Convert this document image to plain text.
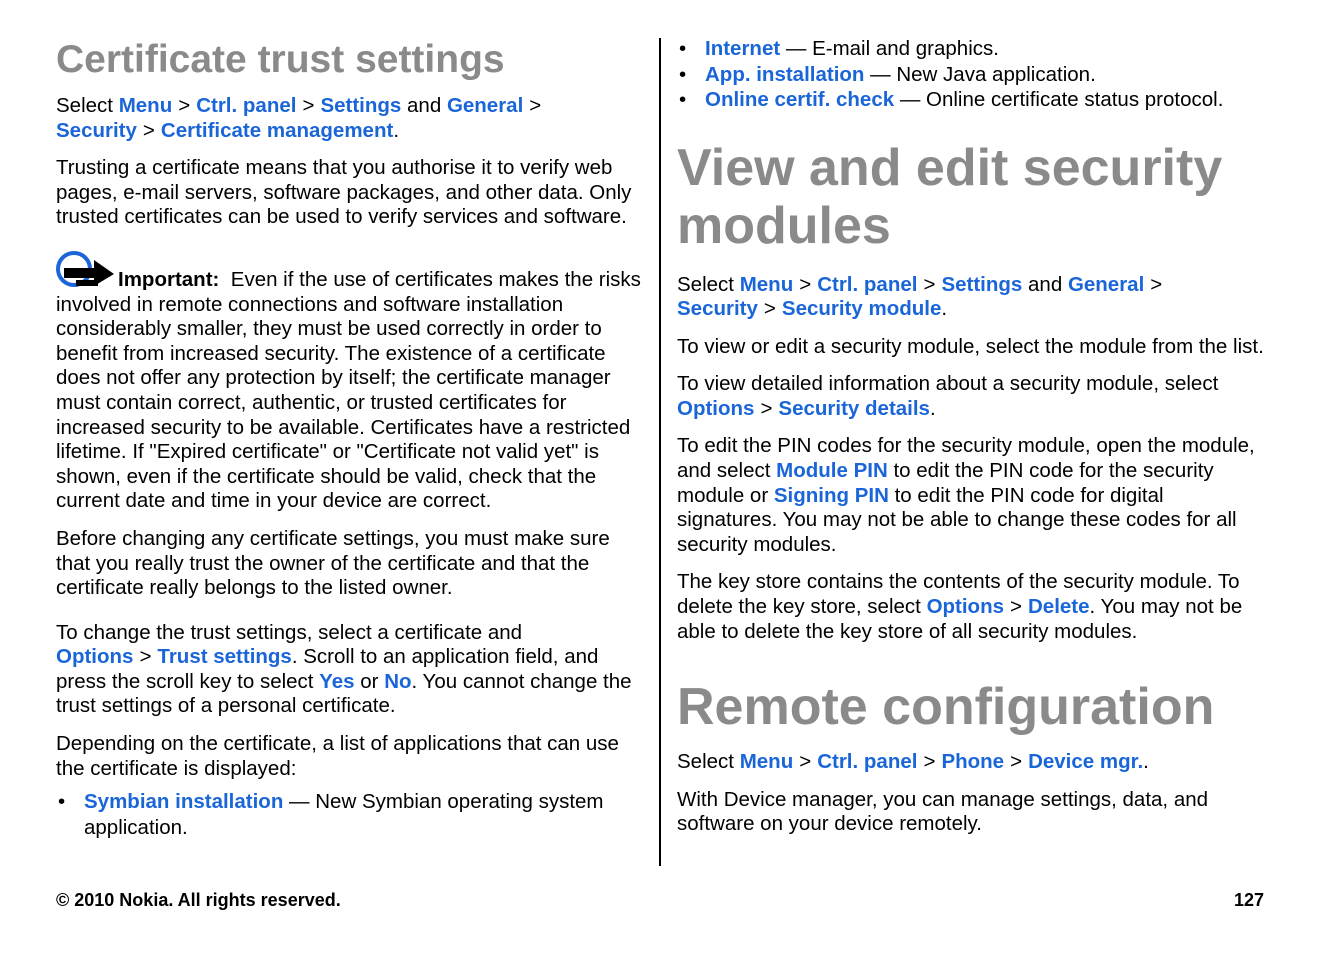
Certificate trust settings

Select Menu > Ctrl. panel > Settings and General > Security > Certificate management.

Trusting a certificate means that you authorise it to verify web pages, e-mail servers, software packages, and other data. Only trusted certificates can be used to verify services and software.

Important: Even if the use of certificates makes the risks involved in remote connections and software installation considerably smaller, they must be used correctly in order to benefit from increased security. The existence of a certificate does not offer any protection by itself; the certificate manager must contain correct, authentic, or trusted certificates for increased security to be available. Certificates have a restricted lifetime. If "Expired certificate" or "Certificate not valid yet" is shown, even if the certificate should be valid, check that the current date and time in your device are correct.

Before changing any certificate settings, you must make sure that you really trust the owner of the certificate and that the certificate really belongs to the listed owner.

To change the trust settings, select a certificate and Options > Trust settings. Scroll to an application field, and press the scroll key to select Yes or No. You cannot change the trust settings of a personal certificate.

Depending on the certificate, a list of applications that can use the certificate is displayed:

• Symbian installation — New Symbian operating system application.
• Internet — E-mail and graphics.
• App. installation — New Java application.
• Online certif. check — Online certificate status protocol.
View and edit security modules

Select Menu > Ctrl. panel > Settings and General > Security > Security module.

To view or edit a security module, select the module from the list.

To view detailed information about a security module, select Options > Security details.

To edit the PIN codes for the security module, open the module, and select Module PIN to edit the PIN code for the security module or Signing PIN to edit the PIN code for digital signatures. You may not be able to change these codes for all security modules.

The key store contains the contents of the security module. To delete the key store, select Options > Delete. You may not be able to delete the key store of all security modules.

Remote configuration

Select Menu > Ctrl. panel > Phone > Device mgr..

With Device manager, you can manage settings, data, and software on your device remotely.

© 2010 Nokia. All rights reserved.	127
